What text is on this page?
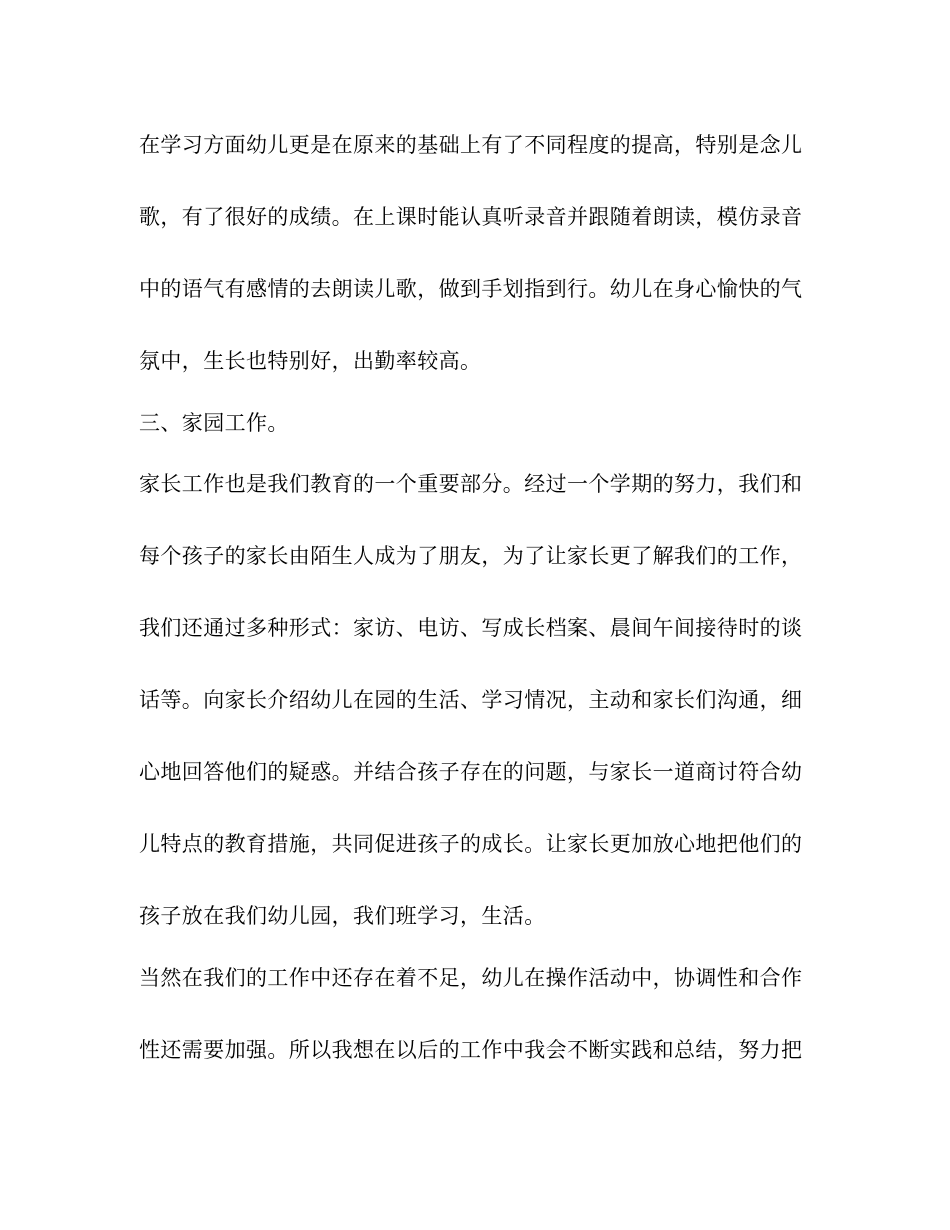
在学习方面幼儿更是在原来的基础上有了不同程度的提高，特别是念儿
歌，有了很好的成绩。在上课时能认真听录音并跟随着朗读，模仿录音
中的语气有感情的去朗读儿歌，做到手划指到行。幼儿在身心愉快的气
氛中，生长也特别好，出勤率较高。
三、家园工作。
家长工作也是我们教育的一个重要部分。经过一个学期的努力，我们和
每个孩子的家长由陌生人成为了朋友，为了让家长更了解我们的工作，
我们还通过多种形式：家访、电访、写成长档案、晨间午间接待时的谈
话等。向家长介绍幼儿在园的生活、学习情况，主动和家长们沟通，细
心地回答他们的疑惑。并结合孩子存在的问题，与家长一道商讨符合幼
儿特点的教育措施，共同促进孩子的成长。让家长更加放心地把他们的
孩子放在我们幼儿园，我们班学习，生活。
当然在我们的工作中还存在着不足，幼儿在操作活动中，协调性和合作
性还需要加强。所以我想在以后的工作中我会不断实践和总结，努力把
